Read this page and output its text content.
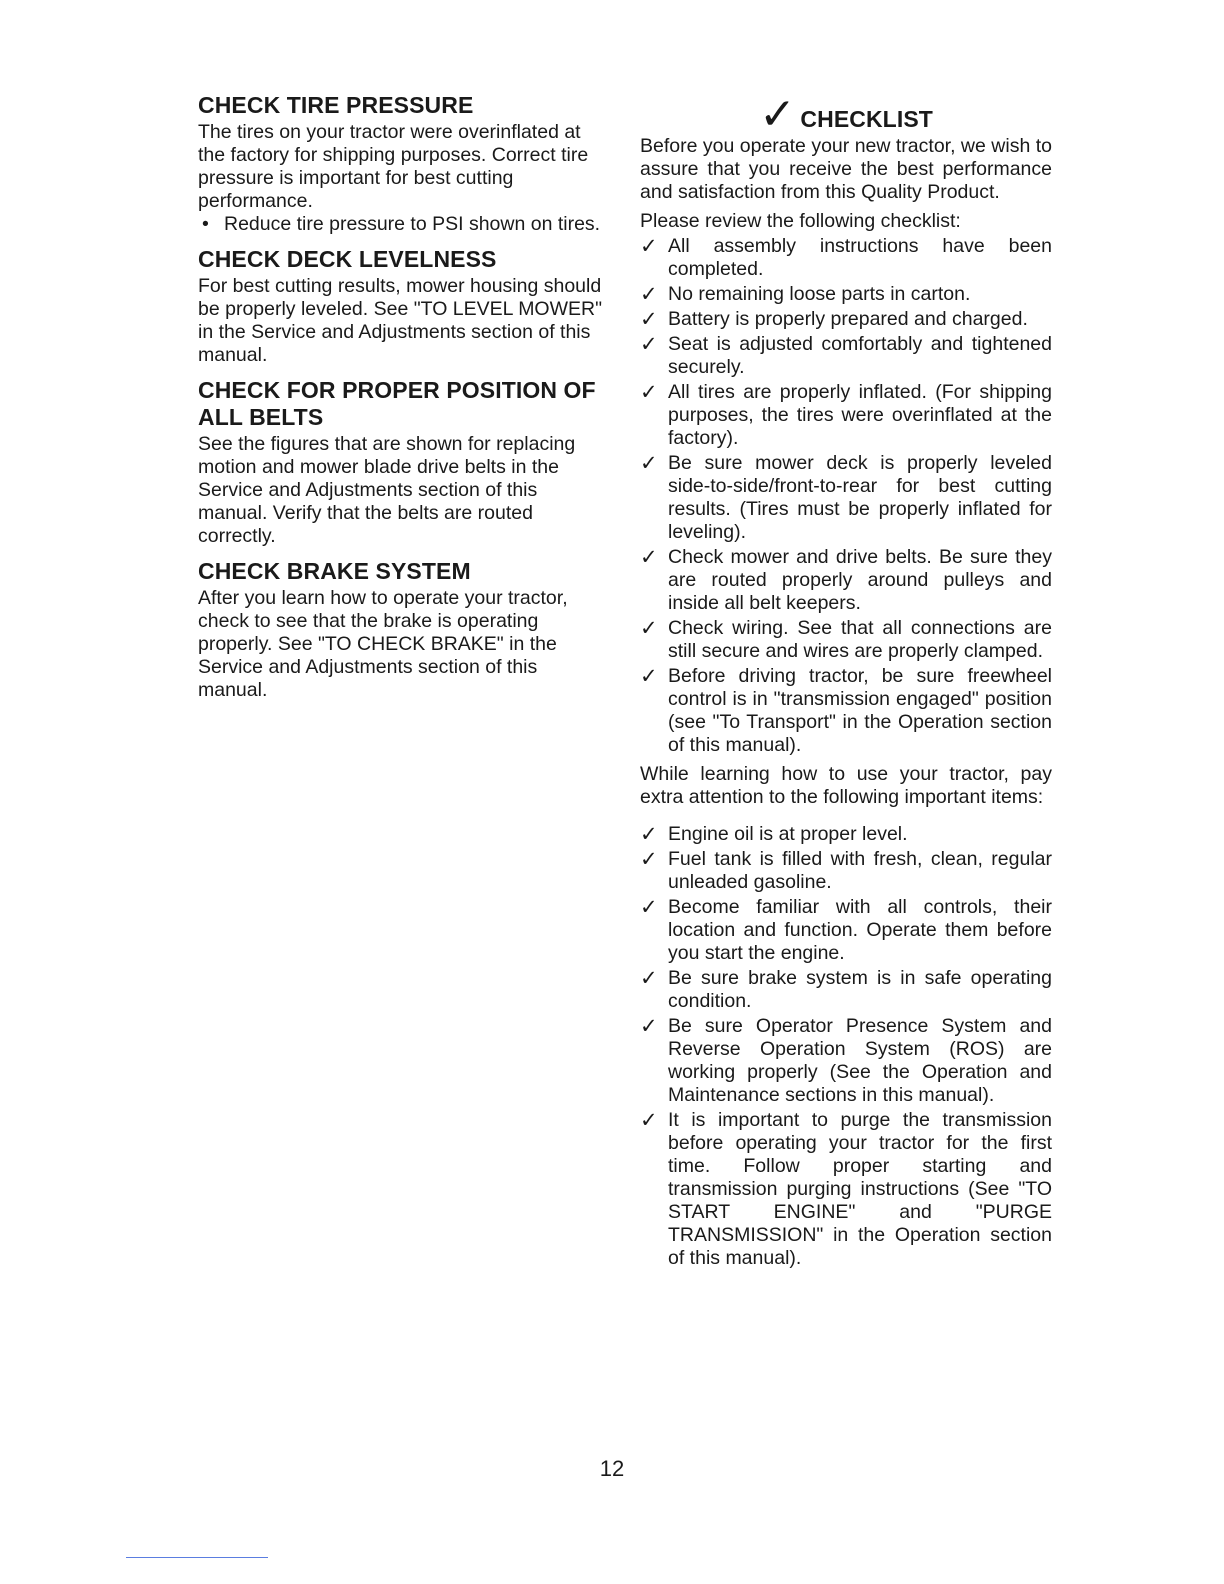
CHECK TIRE PRESSURE

The tires on your tractor were overinflated at the factory for shipping purposes. Correct tire pressure is important for best cutting performance.

• Reduce tire pressure to PSI shown on tires.
CHECK DECK LEVELNESS

For best cutting results, mower housing should be properly leveled. See "TO LEVEL MOWER" in the Service and Adjustments section of this manual.

CHECK FOR PROPER POSITION OF ALL BELTS

See the figures that are shown for replacing motion and mower blade drive belts in the Service and Adjustments section of this manual. Verify that the belts are routed correctly.

CHECK BRAKE SYSTEM

After you learn how to operate your tractor, check to see that the brake is operating properly. See "TO CHECK BRAKE" in the Service and Adjustments section of this manual.

✓ CHECKLIST

Before you operate your new tractor, we wish to assure that you receive the best performance and satisfaction from this Quality Product.

Please review the following checklist:

✓ All assembly instructions have been completed.
✓ No remaining loose parts in carton.
✓ Battery is properly prepared and charged.
✓ Seat is adjusted comfortably and tightened securely.
✓ All tires are properly inflated. (For shipping purposes, the tires were overinflated at the factory).
✓ Be sure mower deck is properly leveled side-to-side/front-to-rear for best cutting results. (Tires must be properly inflated for leveling).
✓ Check mower and drive belts. Be sure they are routed properly around pulleys and inside all belt keepers.
✓ Check wiring. See that all connections are still secure and wires are properly clamped.
✓ Before driving tractor, be sure freewheel control is in "transmission engaged" position (see "To Transport" in the Operation section of this manual).

While learning how to use your tractor, pay extra attention to the following important items:

✓ Engine oil is at proper level.
✓ Fuel tank is filled with fresh, clean, regular unleaded gasoline.
✓ Become familiar with all controls, their location and function. Operate them before you start the engine.
✓ Be sure brake system is in safe operating condition.
✓ Be sure Operator Presence System and Reverse Operation System (ROS) are working properly (See the Operation and Maintenance sections in this manual).
✓ It is important to purge the transmission before operating your tractor for the first time. Follow proper starting and transmission purging instructions (See "TO START ENGINE" and "PURGE TRANSMISSION" in the Operation section of this manual).
12
